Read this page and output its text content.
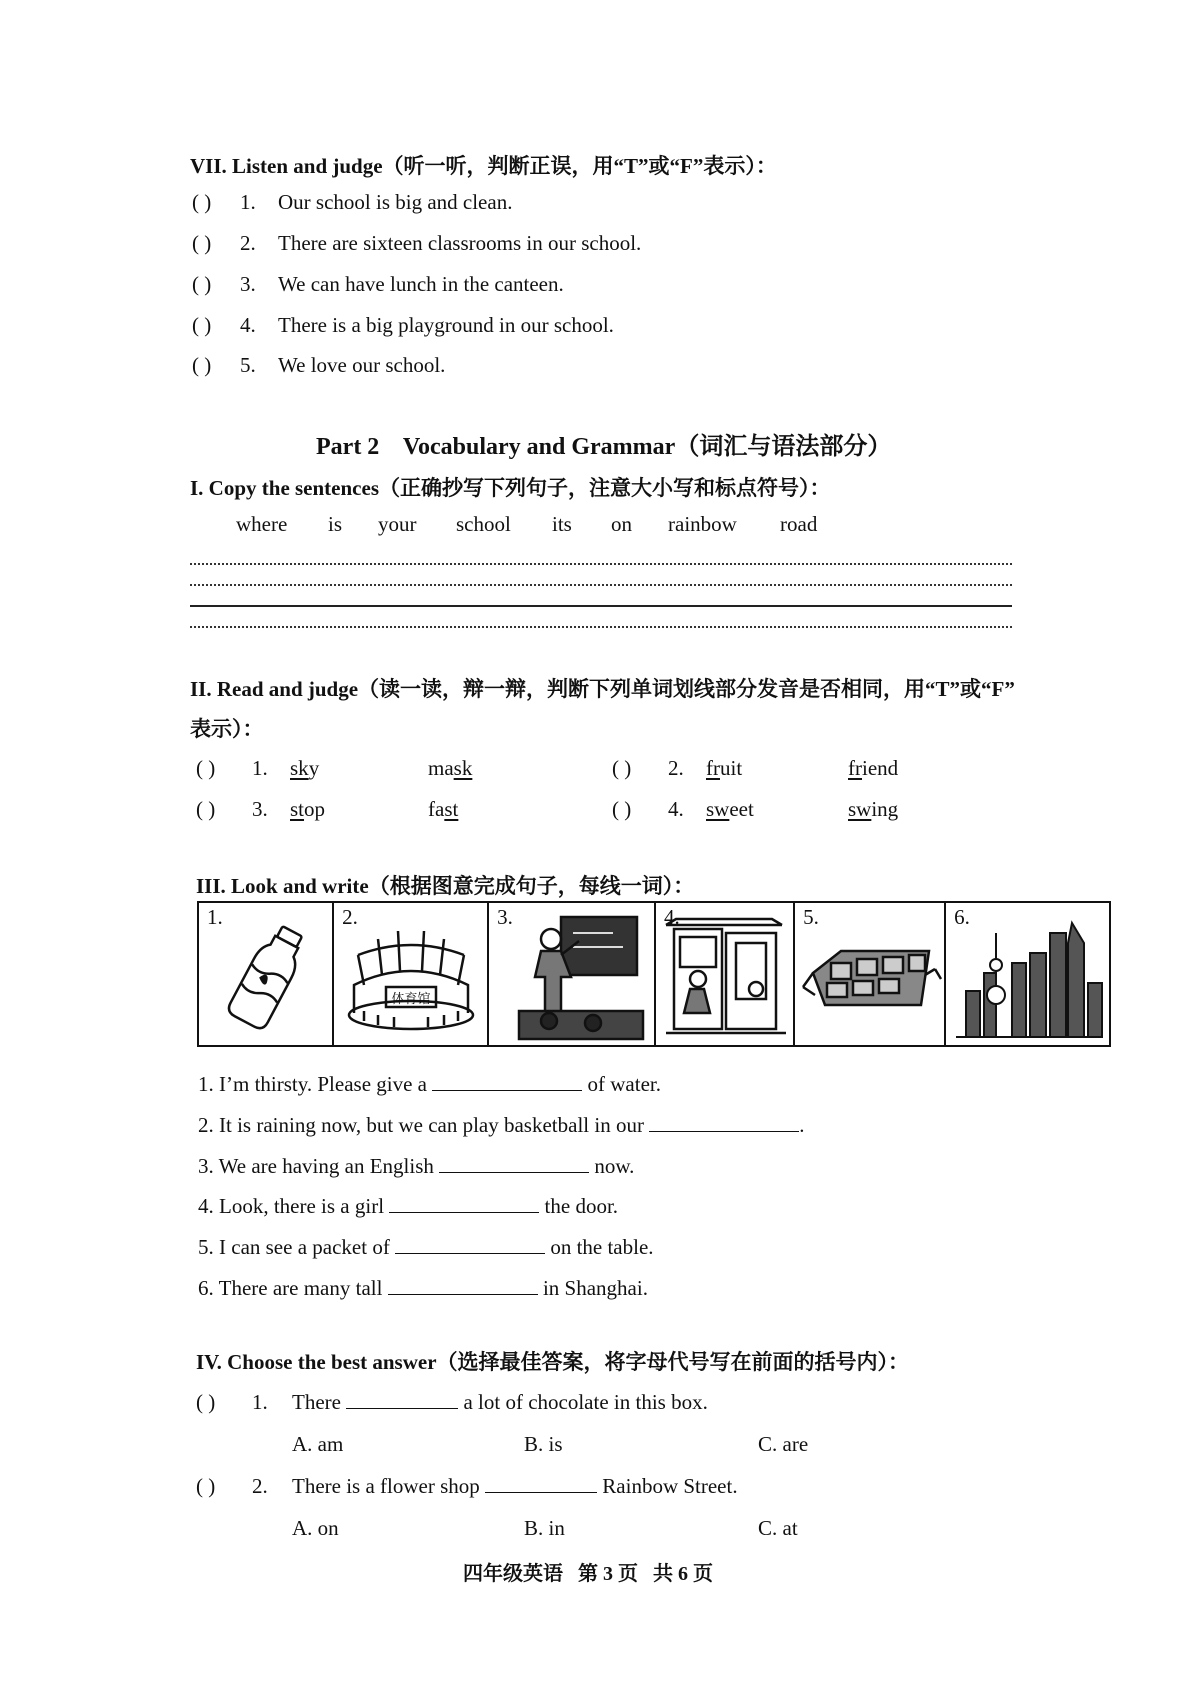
VII. Listen and judge（听一听，判断正误，用“T”或“F”表示）：
( ) 1. Our school is big and clean.
( ) 2. There are sixteen classrooms in our school.
( ) 3. We can have lunch in the canteen.
( ) 4. There is a big playground in our school.
( ) 5. We love our school.
Part 2    Vocabulary and Grammar（词汇与语法部分）
I. Copy the sentences（正确抄写下列句子，注意大小写和标点符号）：
where is your school its on rainbow road
II. Read and judge（读一读，辩一辩，判断下列单词划线部分发音是否相同，用“T”或“F”
表示）：
( ) 1. sky	mask	( ) 2. fruit	friend
( ) 3. stop	fast	( ) 4. sweet	swing
III. Look and write（根据图意完成句子，每线一词）：
1.	2.
体育馆
3.	4.	5.	6.
1. I’m thirsty. Please give a	of water.
2. It is raining now, but we can play basketball in our	.
3. We are having an English	now.
4. Look, there is a girl	the door.
5. I can see a packet of	on the table.
6. There are many tall	in Shanghai.
IV. Choose the best answer（选择最佳答案，将字母代号写在前面的括号内）：
( ) 1. There	a lot of chocolate in this box.
A. am	B. is	C. are
( ) 2. There is a flower shop	Rainbow Street.
A. on	B. in	C. at
四年级英语   第 3 页   共 6 页
